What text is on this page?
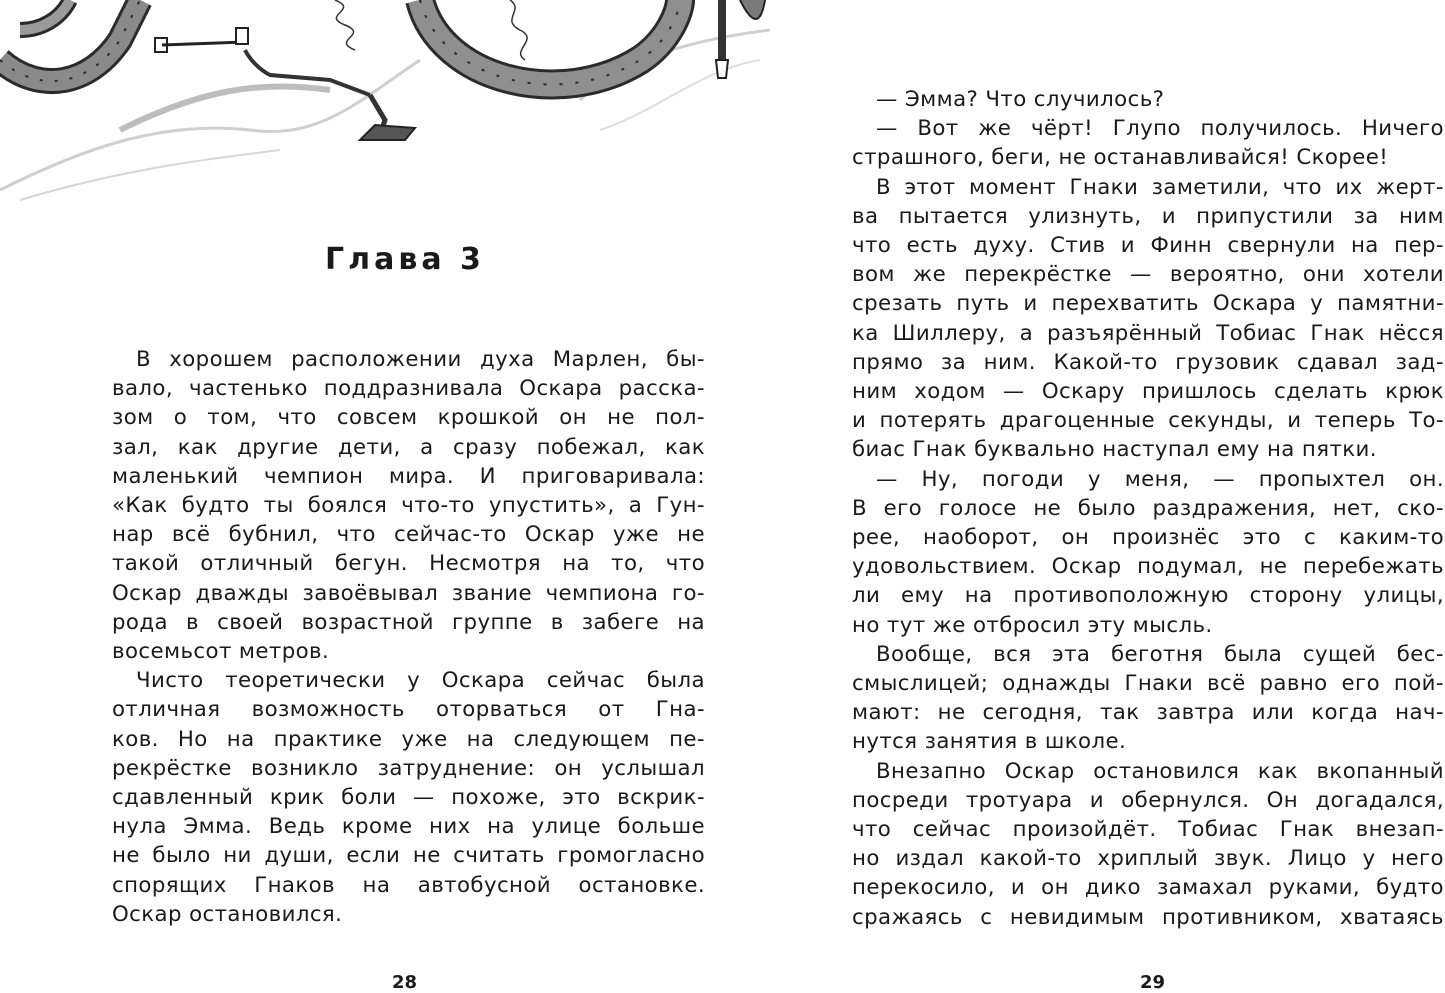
Глава 3
В хорошем расположении духа Марлен, бы-
вало, частенько поддразнивала Оскара расска-
зом о том, что совсем крошкой он не пол-
зал, как другие дети, а сразу побежал, как
маленький чемпион мира. И приговаривала:
«Как будто ты боялся что-то упустить», а Гун-
нар всё бубнил, что сейчас-то Оскар уже не
такой отличный бегун. Несмотря на то, что
Оскар дважды завоёвывал звание чемпиона го-
рода в своей возрастной группе в забеге на
восемьсот метров.
Чисто теоретически у Оскара сейчас была
отличная возможность оторваться от Гна-
ков. Но на практике уже на следующем пе-
рекрёстке возникло затруднение: он услышал
сдавленный крик боли — похоже, это вскрик-
нула Эмма. Ведь кроме них на улице больше
не было ни души, если не считать громогласно
спорящих Гнаков на автобусной остановке.
Оскар остановился.
28
— Эмма? Что случилось?
— Вот же чёрт! Глупо получилось. Ничего
страшного, беги, не останавливайся! Скорее!
В этот момент Гнаки заметили, что их жерт-
ва пытается улизнуть, и припустили за ним
что есть духу. Стив и Финн свернули на пер-
вом же перекрёстке — вероятно, они хотели
срезать путь и перехватить Оскара у памятни-
ка Шиллеру, а разъярённый Тобиас Гнак нёсся
прямо за ним. Какой-то грузовик сдавал зад-
ним ходом — Оскару пришлось сделать крюк
и потерять драгоценные секунды, и теперь То-
биас Гнак буквально наступал ему на пятки.
— Ну, погоди у меня, — пропыхтел он.
В его голосе не было раздражения, нет, ско-
рее, наоборот, он произнёс это с каким-то
удовольствием. Оскар подумал, не перебежать
ли ему на противоположную сторону улицы,
но тут же отбросил эту мысль.
Вообще, вся эта беготня была сущей бес-
смыслицей; однажды Гнаки всё равно его пой-
мают: не сегодня, так завтра или когда нач-
нутся занятия в школе.
Внезапно Оскар остановился как вкопанный
посреди тротуара и обернулся. Он догадался,
что сейчас произойдёт. Тобиас Гнак внезап-
но издал какой-то хриплый звук. Лицо у него
перекосило, и он дико замахал руками, будто
сражаясь с невидимым противником, хватаясь
29
